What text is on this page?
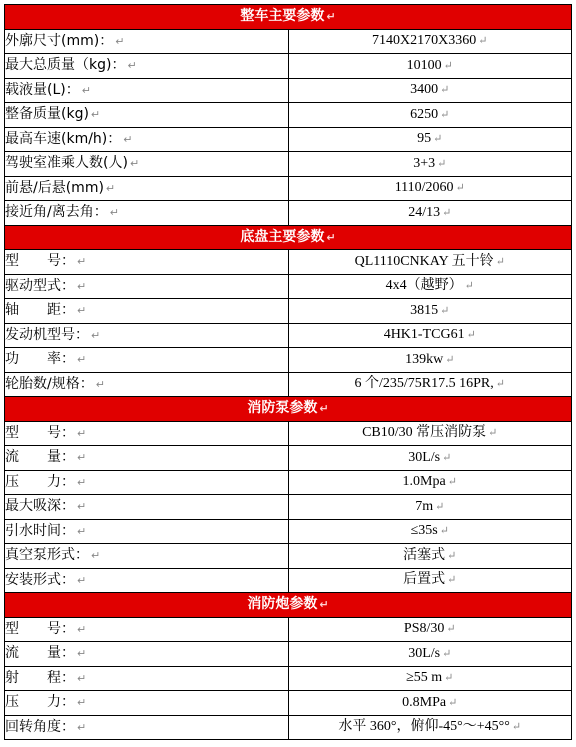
整车主要参数 ↵	
外廓尺寸(mm)： ↵	7140X2170X3360 ↵
最大总质量（kg)： ↵	10100 ↵
载液量(L)： ↵	3400 ↵
整备质量(kg) ↵	6250 ↵
最高车速(km/h)： ↵	95 ↵
驾驶室准乘人数(人) ↵	3+3 ↵
前悬/后悬(mm) ↵	1110/2060 ↵
接近角/离去角： ↵	24/13 ↵
底盘主要参数 ↵	
型　　号： ↵	QL1110CNKAY 五十铃 ↵
驱动型式： ↵	4x4（越野） ↵
轴　　距： ↵	3815 ↵
发动机型号： ↵	4HK1-TCG61 ↵
功　　率： ↵	139kw ↵
轮胎数/规格： ↵	6 个/235/75R17.5 16PR, ↵
消防泵参数 ↵	
型　　号： ↵	CB10/30 常压消防泵 ↵
流　　量： ↵	30L/s ↵
压　　力： ↵	1.0Mpa ↵
最大吸深： ↵	7m ↵
引水时间： ↵	≤35s ↵
真空泵形式： ↵	活塞式 ↵
安装形式： ↵	后置式 ↵
消防炮参数 ↵	
型　　号： ↵	PS8/30 ↵
流　　量： ↵	30L/s ↵
射　　程： ↵	≥55 m ↵
压　　力： ↵	0.8MPa ↵
回转角度： ↵	水平 360°，俯仰-45°～+45°° ↵
